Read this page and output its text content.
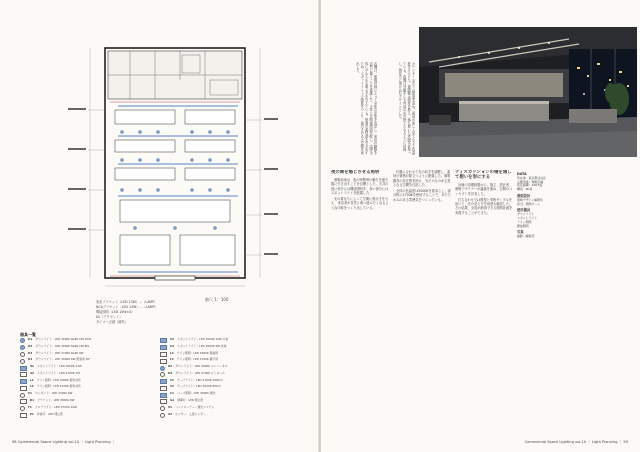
客室ブラケット（LED 13W）…（LAMP）
NCAブラケット（LED 13W）…（LAMP）
間接照明（LED 10W×4）
DL（アクセント）
タイマー点滅（調光）
縮尺 1：100
器具一覧
D1 ダウンライト：LED 3000K Ra90 CRI 10W
D2 ダウンライト：LED 3000K Ra90 CRI 8W
D3 ダウンライト：LED 2700K Ra90 9W
D4 ダウンライト：LED 3000K 6W 照射角 20°
S1 スポットライト：LED 3000K 11W
S2 スポットライト：LED 2700K 7W
L1 ライン照明：LED 3000K 調光対応
L2 ライン照明：LED 2700K 調光対応
P1 ペンダント：LED 2700K 6W
B1 ブラケット：LED 3000K 8W
F1 フロアライト：LED 2700K 10W
E1 非常灯：LED 埋込型
S3 スポットライト：LED 3000K 15W 中角
S4 スポットライト：LED 3000K 9W 狭角
L3 ライン照明：LED 3000K 間接用
L4 ライン照明：LED 2700K 棚下用
D5 ダウンライト：LED 3000K ユニバーサル
D6 ダウンライト：LED 2700K ピンホール
T1 テープライト：LED 2700K 10W/m
T2 テープライト：LED 3000K 6W/m
C1 コーブ照明：LED 3000K 調光
G1 誘導灯：LED 埋込型
X1 コントローラー：調光システム
X2 センサー：人感センサー
58 Commercial Space Lighting vol.10 ｜ Light Planning ｜
店舗は、照明計画によって全体の印象を決定し、来店の動線を自然に導くことを意識した。天井には間接照明を配し、空間全体にやわらかな明るさを与えている。壁面の素材感を引き出すため、スポットライトで陰影をつくり、奥行きのある空間を演出した。	カウンターまわりは照度を高め、商品が美しく見えるよう色温度をそろえた。通路側は照度を抑え、落ち着いた雰囲気を保っている。夜間は外観からも内部の光が感じられるように計画し、街並みに溶け込むデザインとした。
夜の関を感じさせる照明

照明計画は、夜の時間帯の魅力を最大限に引き出すことを目標とした。天井の低い部分には間接照明を、高い部分にはスポットライトを配置した。

光の重なりによって空間に奥行きを与え、来店者が自然と奥へ進みたくなるような印象をつくり出している。

什器に合わせて光の向きを調整し、素材の質感が際立つように配慮した。照明器具の存在感を抑え、光そのものが主役となる空間を目指した。

全体の色温度は3000Kを基本とし、部分的に2700Kを使用することで、あたたかみのある雰囲気をつくっている。

ディスカッションの場を通して想いを形にする

計画の初期段階から、施主、設計者、照明デザイナーが議論を重ね、空間のコンセプトを共有した。

打ち合わせでは模型と実物サンプルを用いて、光の見え方を何度も確認した。その結果、全員が納得できる照明計画を実現することができた。

DATA
所在地：東京都渋谷区
主要用途：物販店舗
延床面積：128.5㎡
構造：RC造
照明設計
照明デザイン事務所
担当：照明チーム
使用器具
ダウンライト
スポットライト
ライン照明
間接照明
写真
撮影：編集部
Commercial Space Lighting vol.10 ｜ Light Planning ｜ 59
